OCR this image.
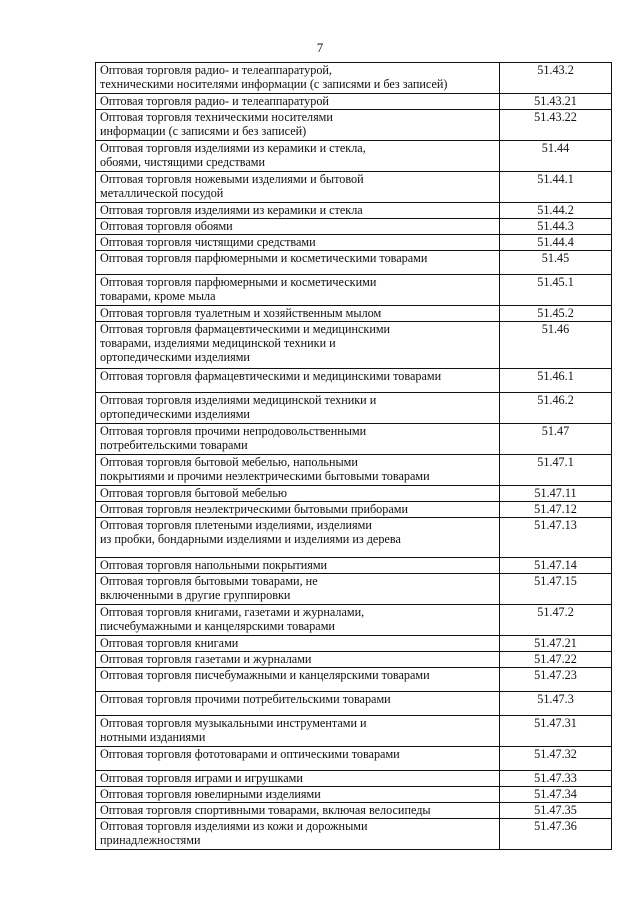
7
Оптовая торговля радио- и телеаппаратурой,
техническими носителями информации (с записями и без записей)	51.43.2
Оптовая торговля радио- и телеаппаратурой	51.43.21
Оптовая торговля техническими носителями
информации (с записями и без записей)	51.43.22
Оптовая торговля изделиями из керамики и стекла,
обоями, чистящими средствами	51.44
Оптовая торговля ножевыми изделиями и бытовой
металлической посудой	51.44.1
Оптовая торговля изделиями из керамики и стекла	51.44.2
Оптовая торговля обоями	51.44.3
Оптовая торговля чистящими средствами	51.44.4
Оптовая торговля парфюмерными и косметическими товарами	51.45
Оптовая торговля парфюмерными и косметическими
товарами, кроме мыла	51.45.1
Оптовая торговля туалетным и хозяйственным мылом	51.45.2
Оптовая торговля фармацевтическими и медицинскими
товарами, изделиями медицинской техники и
ортопедическими изделиями	51.46
Оптовая торговля фармацевтическими и медицинскими товарами	51.46.1
Оптовая торговля изделиями медицинской техники и
ортопедическими изделиями	51.46.2
Оптовая торговля прочими непродовольственными
потребительскими товарами	51.47
Оптовая торговля бытовой мебелью, напольными
покрытиями и прочими неэлектрическими бытовыми товарами	51.47.1
Оптовая торговля бытовой мебелью	51.47.11
Оптовая торговля неэлектрическими бытовыми приборами	51.47.12
Оптовая торговля плетеными изделиями, изделиями
из пробки, бондарными изделиями и изделиями из дерева	51.47.13
Оптовая торговля напольными покрытиями	51.47.14
Оптовая торговля бытовыми товарами, не
включенными в другие группировки	51.47.15
Оптовая торговля книгами, газетами и журналами,
писчебумажными и канцелярскими товарами	51.47.2
Оптовая торговля книгами	51.47.21
Оптовая торговля газетами и журналами	51.47.22
Оптовая торговля писчебумажными и канцелярскими товарами	51.47.23
Оптовая торговля прочими потребительскими товарами	51.47.3
Оптовая торговля музыкальными инструментами и
нотными изданиями	51.47.31
Оптовая торговля фототоварами и оптическими товарами	51.47.32
Оптовая торговля играми и игрушками	51.47.33
Оптовая торговля ювелирными изделиями	51.47.34
Оптовая торговля спортивными товарами, включая велосипеды	51.47.35
Оптовая торговля изделиями из кожи и дорожными
принадлежностями	51.47.36
